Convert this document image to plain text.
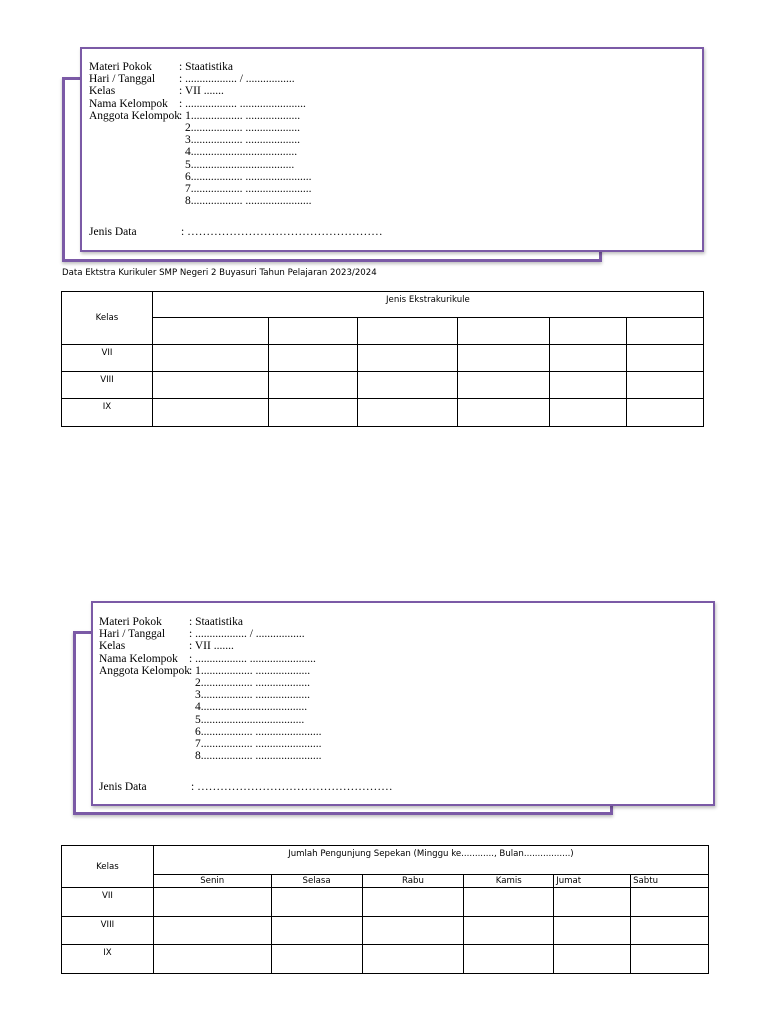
Materi Pokok : Staatistika
Hari / Tanggal : .................. / .................
Kelas	: VII .......
Nama Kelompok : .................. .......................
Anggota Kelompok
: 1.................. ...................
2.................. ...................
3.................. ...................
4.....................................
5....................................
6.................. .......................
7.................. .......................
8.................. .......................
Jenis Data	: ……………………………………………
Data Ektstra Kurikuler SMP Negeri 2 Buyasuri Tahun Pelajaran 2023/2024
Kelas	Jenis Ekstrakurikule					

VII						
VIII						
IX						
Materi Pokok : Staatistika
Hari / Tanggal : .................. / .................
Kelas	: VII .......
Nama Kelompok : .................. .......................
Anggota Kelompok
: 1.................. ...................
2.................. ...................
3.................. ...................
4.....................................
5....................................
6.................. .......................
7.................. .......................
8.................. .......................
Jenis Data	: ……………………………………………
Kelas	Jumlah Pengunjung Sepekan (Minggu ke............, Bulan.................)					
	Senin	Selasa	Rabu	Kamis	Jumat	Sabtu
VII						
VIII						
IX						
